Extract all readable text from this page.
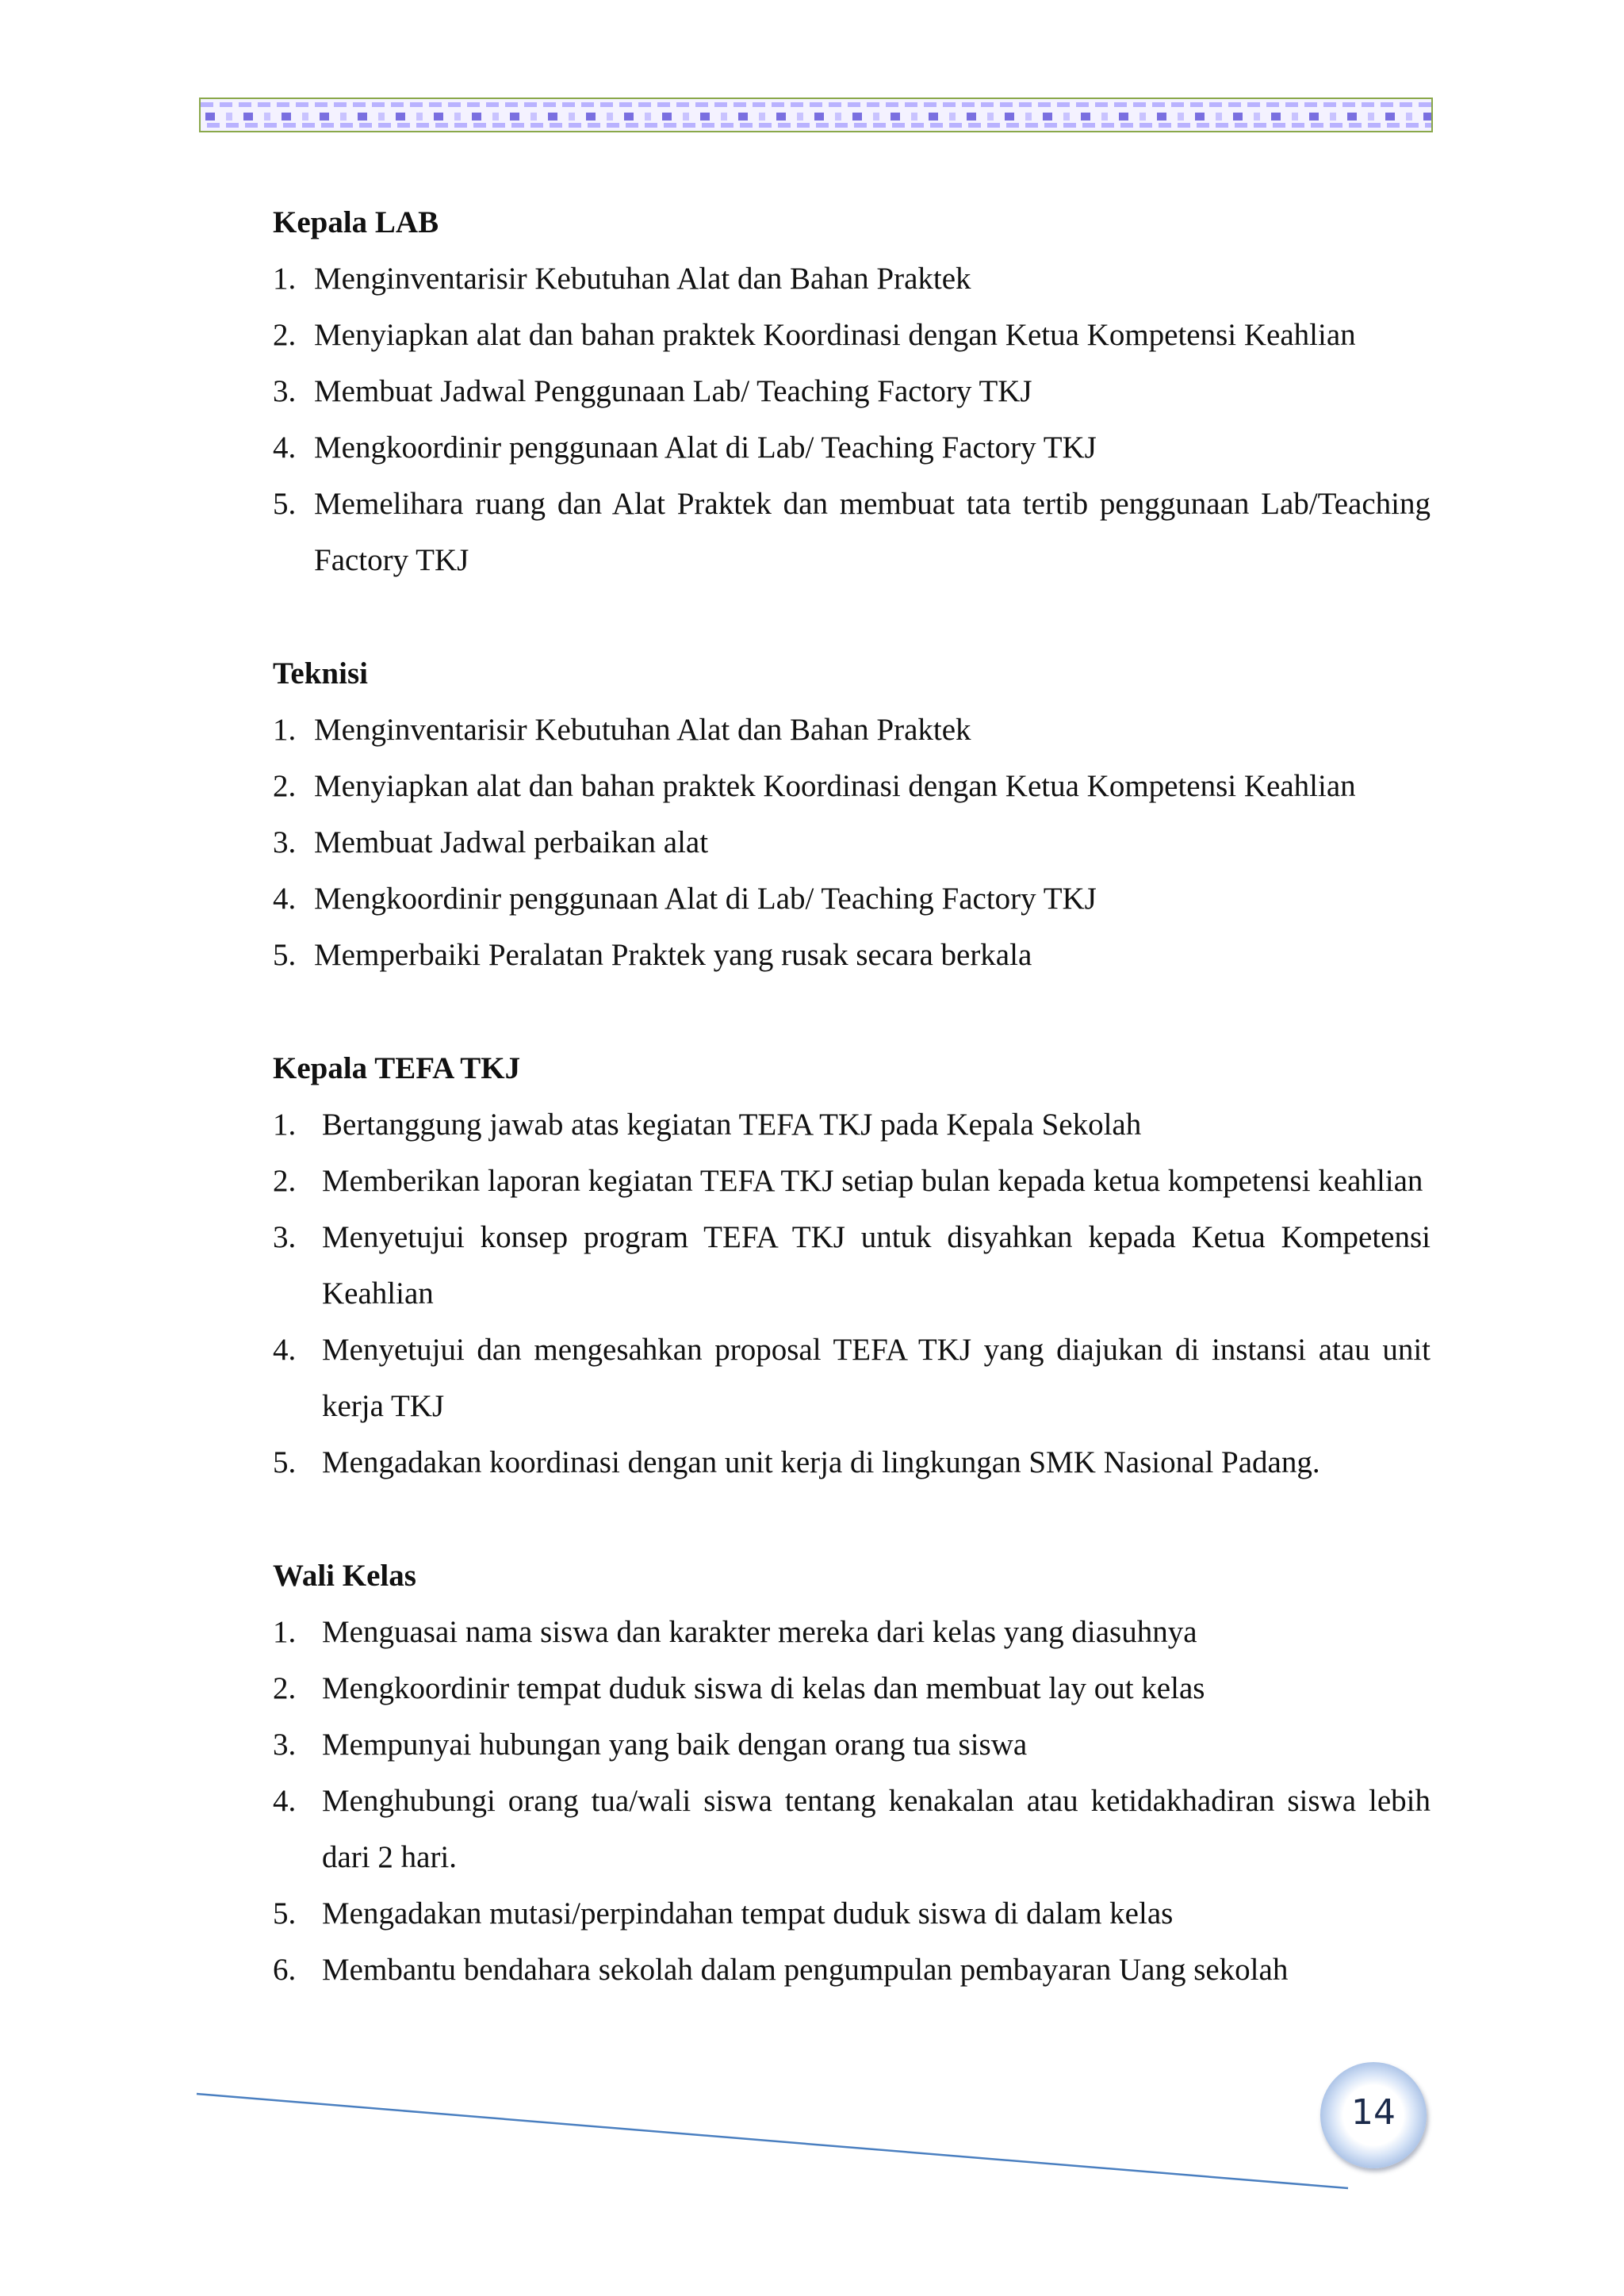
Kepala LAB
1. Menginventarisir Kebutuhan Alat dan Bahan Praktek
2. Menyiapkan alat dan bahan praktek Koordinasi dengan Ketua Kompetensi Keahlian
3. Membuat Jadwal Penggunaan Lab/ Teaching Factory TKJ
4. Mengkoordinir penggunaan Alat di Lab/ Teaching Factory TKJ
5. Memelihara ruang dan Alat Praktek dan membuat tata tertib penggunaan Lab/Teaching Factory TKJ
Teknisi
1. Menginventarisir Kebutuhan Alat dan Bahan Praktek
2. Menyiapkan alat dan bahan praktek Koordinasi dengan Ketua Kompetensi Keahlian
3. Membuat Jadwal perbaikan alat
4. Mengkoordinir penggunaan Alat di Lab/ Teaching Factory TKJ
5. Memperbaiki Peralatan Praktek yang rusak secara berkala
Kepala TEFA TKJ
1. Bertanggung jawab atas kegiatan TEFA TKJ pada Kepala Sekolah
2. Memberikan laporan kegiatan TEFA TKJ setiap bulan kepada ketua kompetensi keahlian
3. Menyetujui konsep program TEFA TKJ untuk disyahkan kepada Ketua Kompetensi Keahlian
4. Menyetujui dan mengesahkan proposal TEFA TKJ yang diajukan di instansi atau unit kerja TKJ
5. Mengadakan koordinasi dengan unit kerja di lingkungan SMK Nasional Padang.
Wali Kelas
1. Menguasai nama siswa dan karakter mereka dari kelas yang diasuhnya
2. Mengkoordinir tempat duduk siswa di kelas dan membuat lay out kelas
3. Mempunyai hubungan yang baik dengan orang tua siswa
4. Menghubungi orang tua/wali siswa tentang kenakalan atau ketidakhadiran siswa lebih dari 2 hari.
5. Mengadakan mutasi/perpindahan tempat duduk siswa di dalam kelas
6. Membantu bendahara sekolah dalam pengumpulan pembayaran Uang sekolah
14
